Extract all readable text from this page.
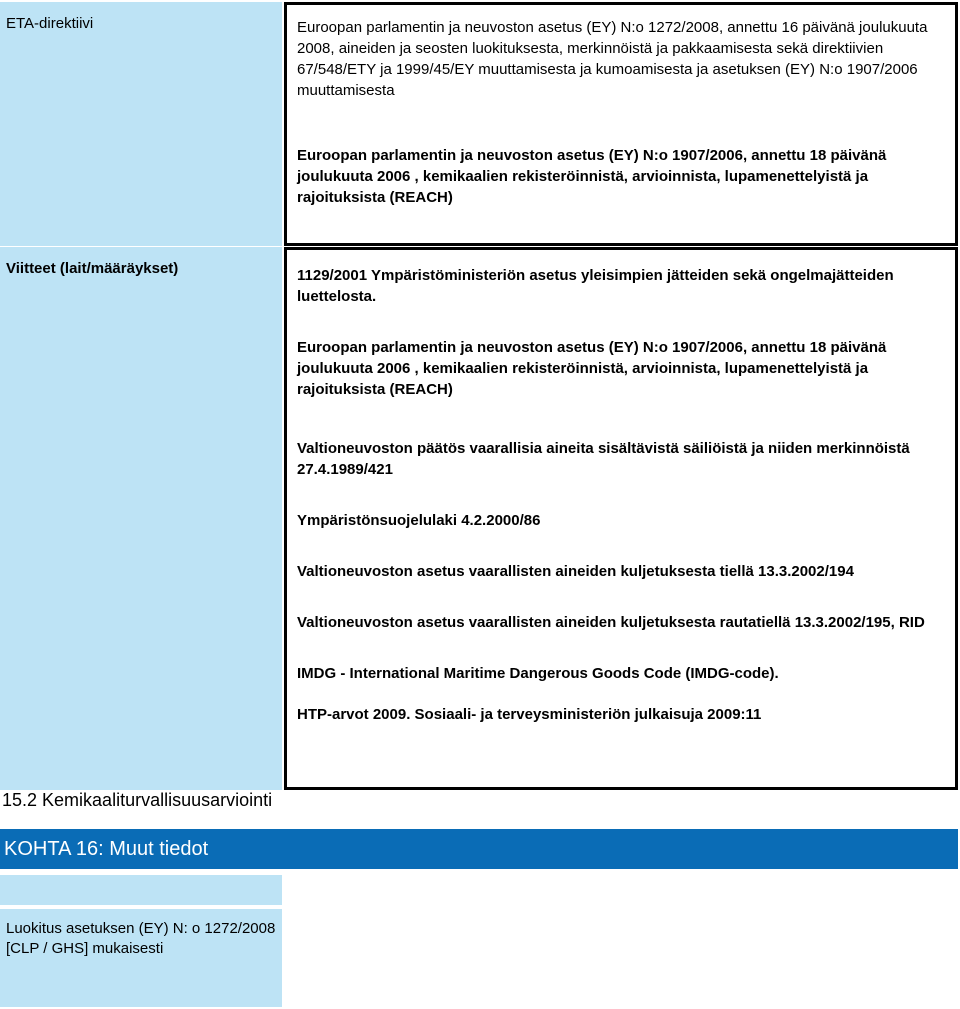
ETA-direktiivi	Euroopan parlamentin ja neuvoston asetus (EY) N:o 1272/2008, annettu 16 päivänä joulukuuta 2008, aineiden ja seosten luokituksesta, merkinnöistä ja pakkaamisesta sekä direktiivien 67/548/ETY ja 1999/45/EY muuttamisesta ja kumoamisesta ja asetuksen (EY) N:o 1907/2006 muuttamisesta

Euroopan parlamentin ja neuvoston asetus (EY) N:o 1907/2006, annettu 18 päivänä joulukuuta 2006 , kemikaalien rekisteröinnistä, arvioinnista, lupamenettelyistä ja rajoituksista (REACH)

Viitteet (lait/määräykset)	1129/2001 Ympäristöministeriön asetus yleisimpien jätteiden sekä ongelmajätteiden luettelosta.

Euroopan parlamentin ja neuvoston asetus (EY) N:o 1907/2006, annettu 18 päivänä joulukuuta 2006 , kemikaalien rekisteröinnistä, arvioinnista, lupamenettelyistä ja rajoituksista (REACH)

Valtioneuvoston päätös vaarallisia aineita sisältävistä säiliöistä ja niiden merkinnöistä 27.4.1989/421

Ympäristönsuojelulaki 4.2.2000/86

Valtioneuvoston asetus vaarallisten aineiden kuljetuksesta tiellä 13.3.2002/194

Valtioneuvoston asetus vaarallisten aineiden kuljetuksesta rautatiellä 13.3.2002/195, RID

IMDG - International Maritime Dangerous Goods Code (IMDG-code).

HTP-arvot 2009. Sosiaali- ja terveysministeriön julkaisuja 2009:11

15.2 Kemikaaliturvallisuusarviointi
KOHTA 16: Muut tiedot
Luokitus asetuksen (EY) N: o 1272/2008 [CLP / GHS] mukaisesti
